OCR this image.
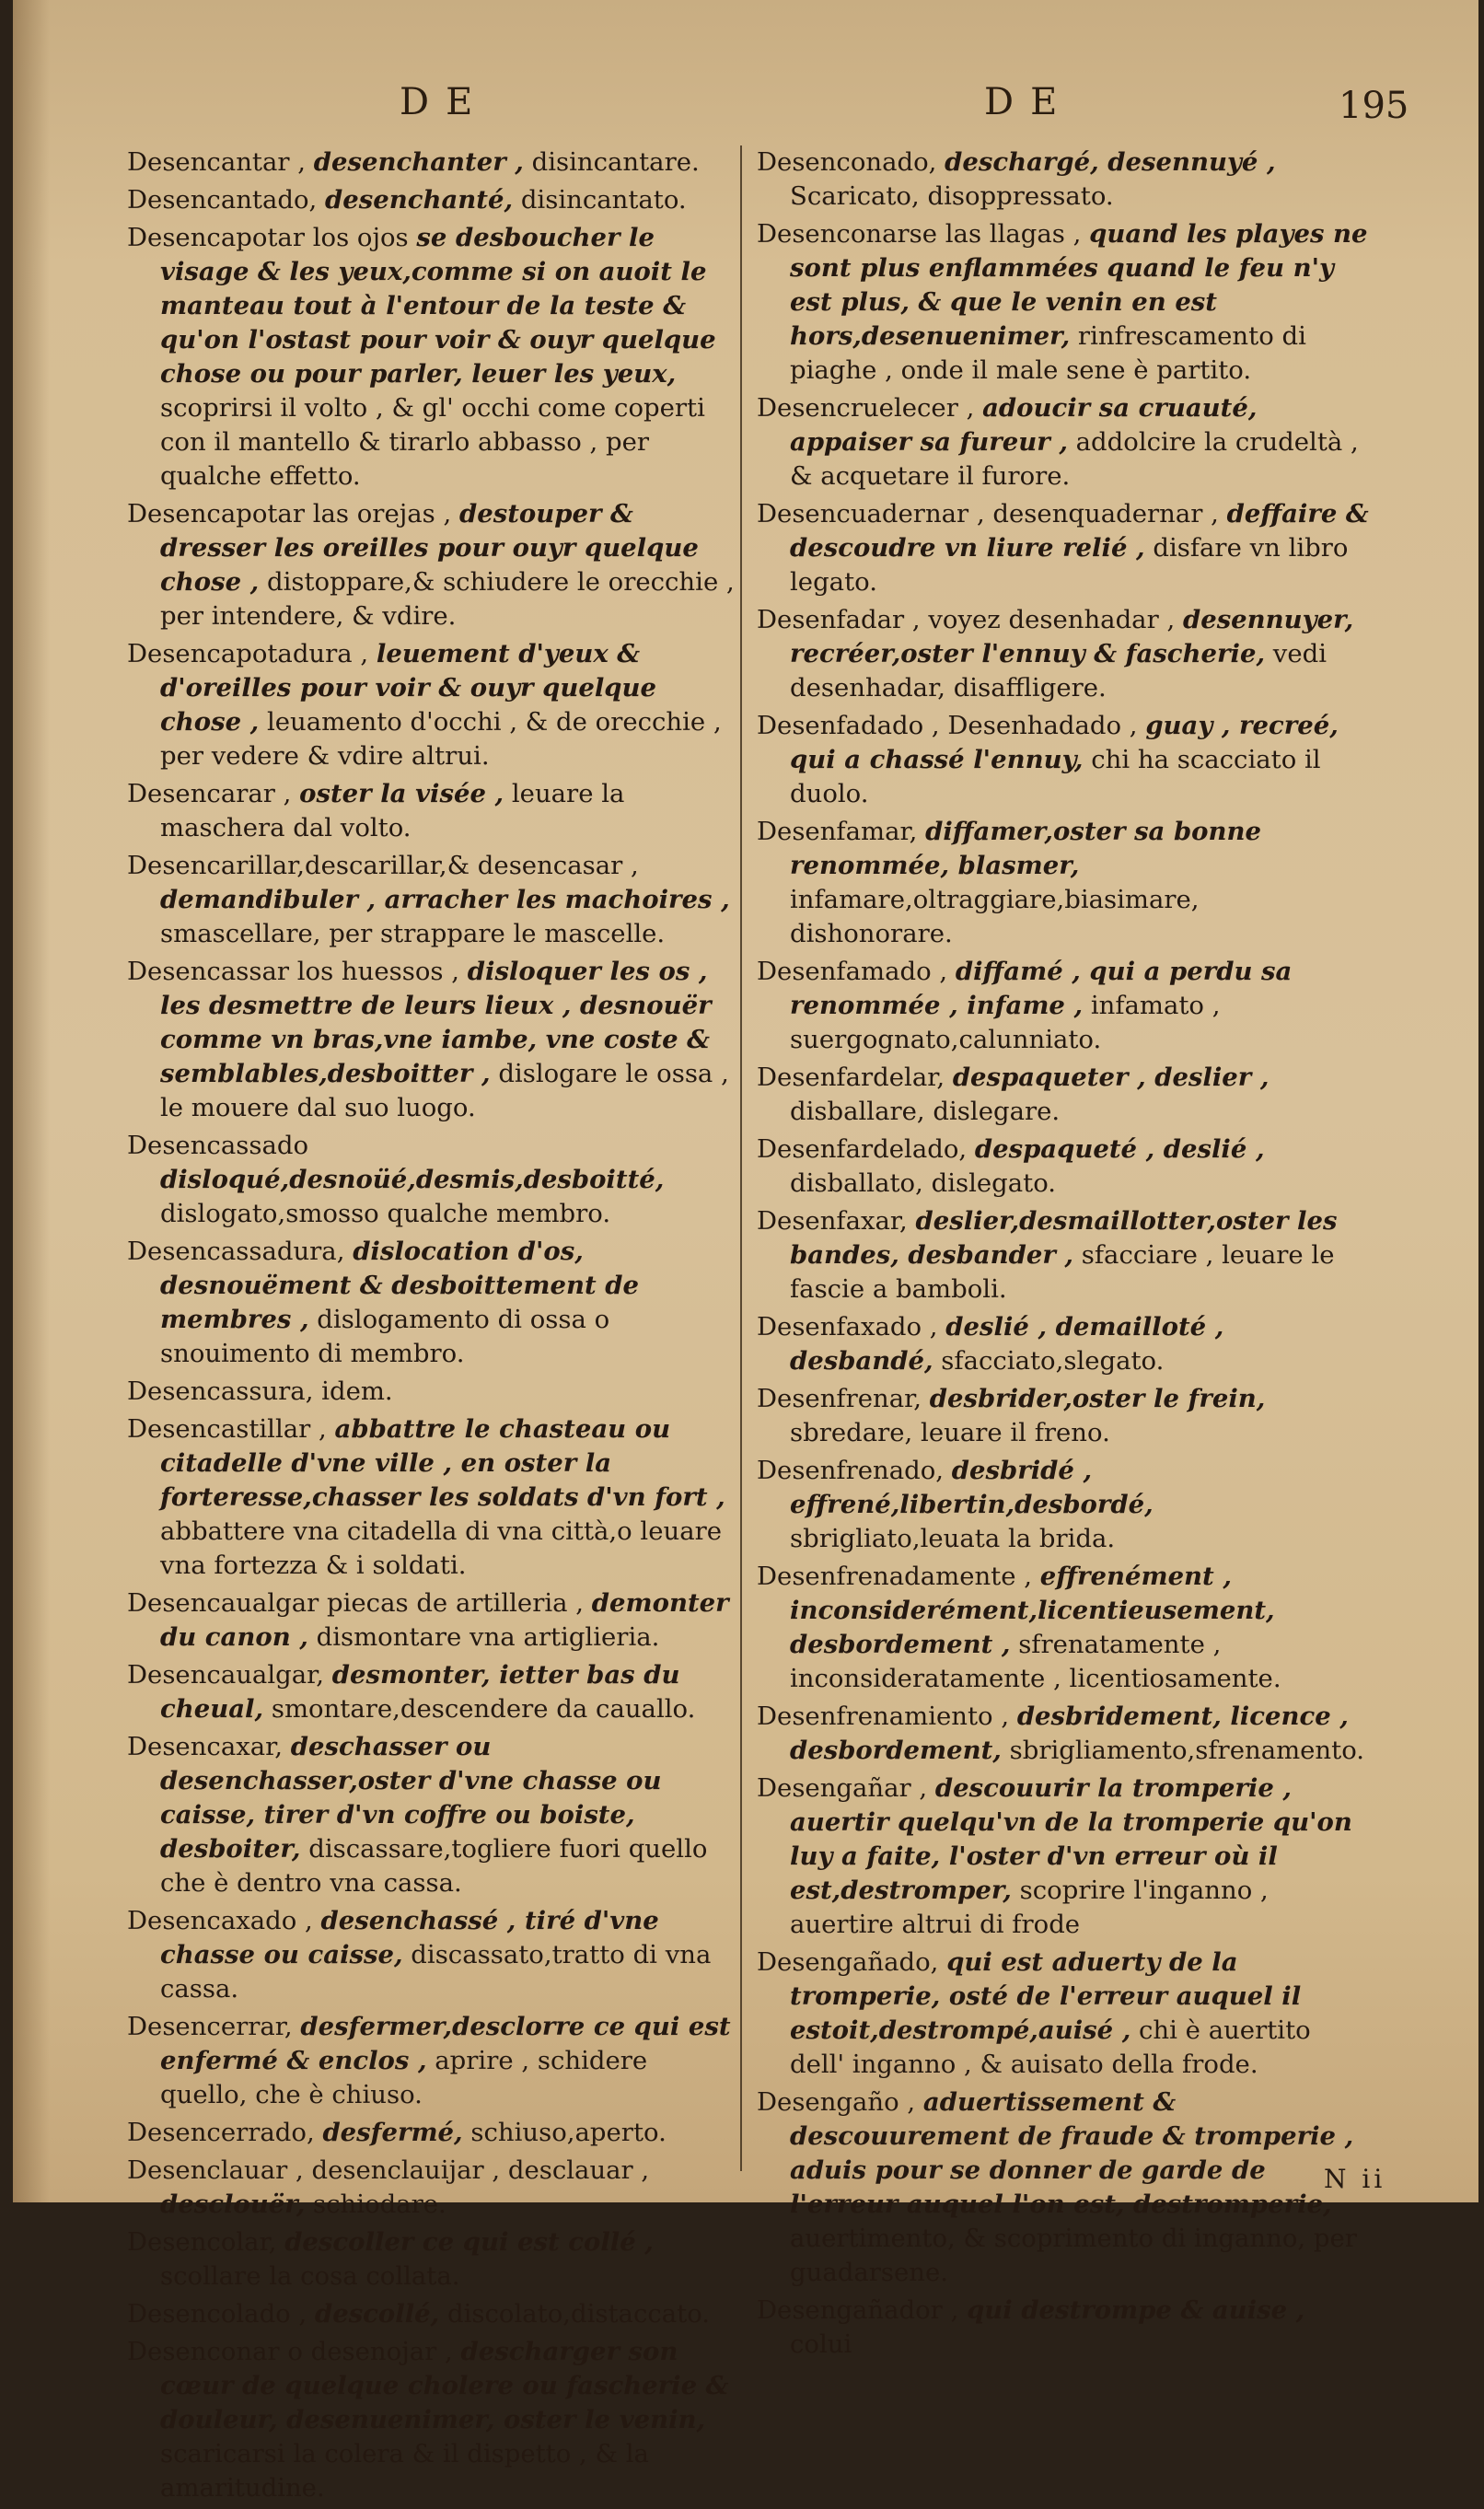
DE	DE	195

Desencantar , desenchanter , disincantare.

Desencantado, desenchanté, disincantato.

Desencapotar los ojos se desboucher le visage & les yeux,comme si on auoit le manteau tout à l'entour de la teste & qu'on l'ostast pour voir & ouyr quelque chose ou pour parler, leuer les yeux, scoprirsi il volto , & gl' occhi come coperti con il mantello & tirarlo abbasso , per qualche effetto.

Desencapotar las orejas , destouper & dresser les oreilles pour ouyr quelque chose , distoppare,& schiudere le orecchie , per intendere, & vdire.

Desencapotadura , leuement d'yeux & d'oreilles pour voir & ouyr quelque chose , leuamento d'occhi , & de orecchie , per vedere & vdire altrui.

Desencarar , oster la visée , leuare la maschera dal volto.

Desencarillar,descarillar,& desencasar , demandibuler , arracher les machoires , smascellare, per strappare le mascelle.

Desencassar los huessos , disloquer les os , les desmettre de leurs lieux , desnouër comme vn bras,vne iambe, vne coste & semblables,desboitter , dislogare le ossa , le mouere dal suo luogo.

Desencassado disloqué,desnoüé,desmis,desboitté, dislogato,smosso qualche membro.

Desencassadura, dislocation d'os, desnouëment & desboittement de membres , dislogamento di ossa o snouimento di membro.

Desencassura, idem.

Desencastillar , abbattre le chasteau ou citadelle d'vne ville , en oster la forteresse,chasser les soldats d'vn fort , abbattere vna citadella di vna città,o leuare vna fortezza & i soldati.

Desencaualgar piecas de artilleria , demonter du canon , dismontare vna artiglieria.

Desencaualgar, desmonter, ietter bas du cheual, smontare,descendere da cauallo.

Desencaxar, deschasser ou desenchasser,oster d'vne chasse ou caisse, tirer d'vn coffre ou boiste, desboiter, discassare,togliere fuori quello che è dentro vna cassa.

Desencaxado , desenchassé , tiré d'vne chasse ou caisse, discassato,tratto di vna cassa.

Desencerrar, desfermer,desclorre ce qui est enfermé & enclos , aprire , schidere quello, che è chiuso.

Desencerrado, desfermé, schiuso,aperto.

Desenclauar , desenclauijar , desclauar , desclouër, schiodare.

Desencolar, descoller ce qui est collé , scollare la cosa collata.

Desencolado , descollé, discolato,distaccato.

Desenconar o desenojar , descharger son cœur de quelque cholere ou fascherie & douleur, desenuenimer, oster le venin, scaricarsi la colera & il dispetto , & la amaritudine.

Desenconado, deschargé, desennuyé , Scaricato, disoppressato.

Desenconarse las llagas , quand les playes ne sont plus enflammées quand le feu n'y est plus, & que le venin en est hors,desenuenimer, rinfrescamento di piaghe , onde il male sene è partito.

Desencruelecer , adoucir sa cruauté, appaiser sa fureur , addolcire la crudeltà , & acquetare il furore.

Desencuadernar , desenquadernar , deffaire & descoudre vn liure relié , disfare vn libro legato.

Desenfadar , voyez desenhadar , desennuyer, recréer,oster l'ennuy & fascherie, vedi desenhadar, disaffligere.

Desenfadado , Desenhadado , guay , recreé, qui a chassé l'ennuy, chi ha scacciato il duolo.

Desenfamar, diffamer,oster sa bonne renommée, blasmer, infamare,oltraggiare,biasimare, dishonorare.

Desenfamado , diffamé , qui a perdu sa renommée , infame , infamato , suergognato,calunniato.

Desenfardelar, despaqueter , deslier , disballare, dislegare.

Desenfardelado, despaqueté , deslié , disballato, dislegato.

Desenfaxar, deslier,desmaillotter,oster les bandes, desbander , sfacciare , leuare le fascie a bamboli.

Desenfaxado , deslié , demailloté , desbandé, sfacciato,slegato.

Desenfrenar, desbrider,oster le frein, sbredare, leuare il freno.

Desenfrenado, desbridé , effrené,libertin,desbordé, sbrigliato,leuata la brida.

Desenfrenadamente , effrenément , inconsiderément,licentieusement, desbordement , sfrenatamente , inconsideratamente , licentiosamente.

Desenfrenamiento , desbridement, licence , desbordement, sbrigliamento,sfrenamento.

Desengañar , descouurir la tromperie , auertir quelqu'vn de la tromperie qu'on luy a faite, l'oster d'vn erreur où il est,destromper, scoprire l'inganno , auertire altrui di frode

Desengañado, qui est aduerty de la tromperie, osté de l'erreur auquel il estoit,destrompé,auisé , chi è auertito dell' inganno , & auisato della frode.

Desengaño , aduertissement & descouurement de fraude & tromperie , aduis pour se donner de garde de l'erreur auquel l'on est, destromperie, auertimento, & scoprimento di inganno, per guadarsene.

Desengañador , qui destrompe & auise , colui

N ii
